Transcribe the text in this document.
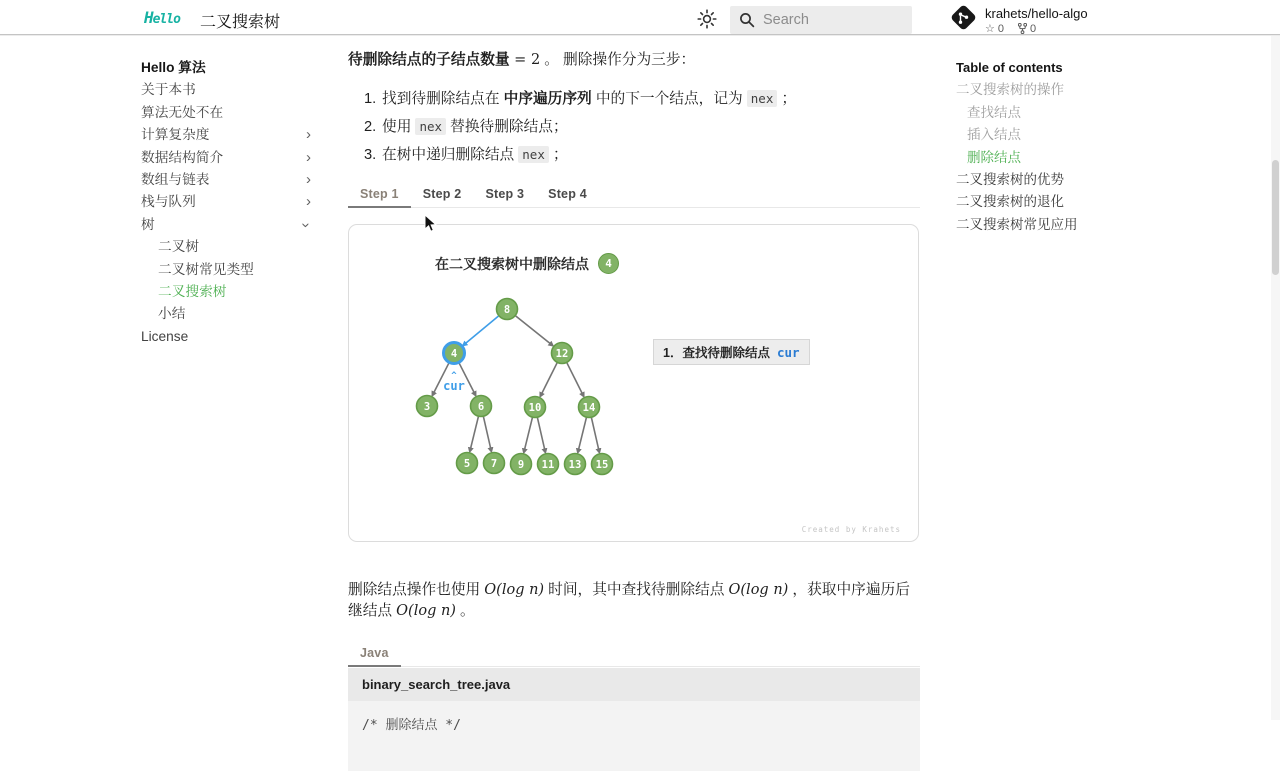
Hello 二叉搜索树	Search	krahets/hello-algo
☆ 0 0
Hello 算法
关于本书
算法无处不在
计算复杂度	›
数据结构简介	›
数组与链表	›
栈与队列	›
树	›
二叉树
二叉树常见类型
二叉搜索树
小结
License
Table of contents
二叉搜索树的操作
查找结点
插入结点
删除结点
二叉搜索树的优势
二叉搜索树的退化
二叉搜索树常见应用

待删除结点的子结点数量 = 2 。 删除操作分为三步：

1. 找到待删除结点在 中序遍历序列 中的下一个结点，记为 nex ；
2. 使用 nex 替换待删除结点；
3. 在树中递归删除结点 nex ；
Step 1 Step 2 Step 3 Step 4
在二叉搜索树中删除结点	4
8
4	12
3	6	10	14
5 7 9 11 13 15
^
cur
1．查找待删除结点 cur
Created by Krahets

删除结点操作也使用 O(log n) 时间，其中查找待删除结点 O(log n) ，获取中序遍历后继结点 O(log n) 。

Java
binary_search_tree.java
/* 删除结点 */
